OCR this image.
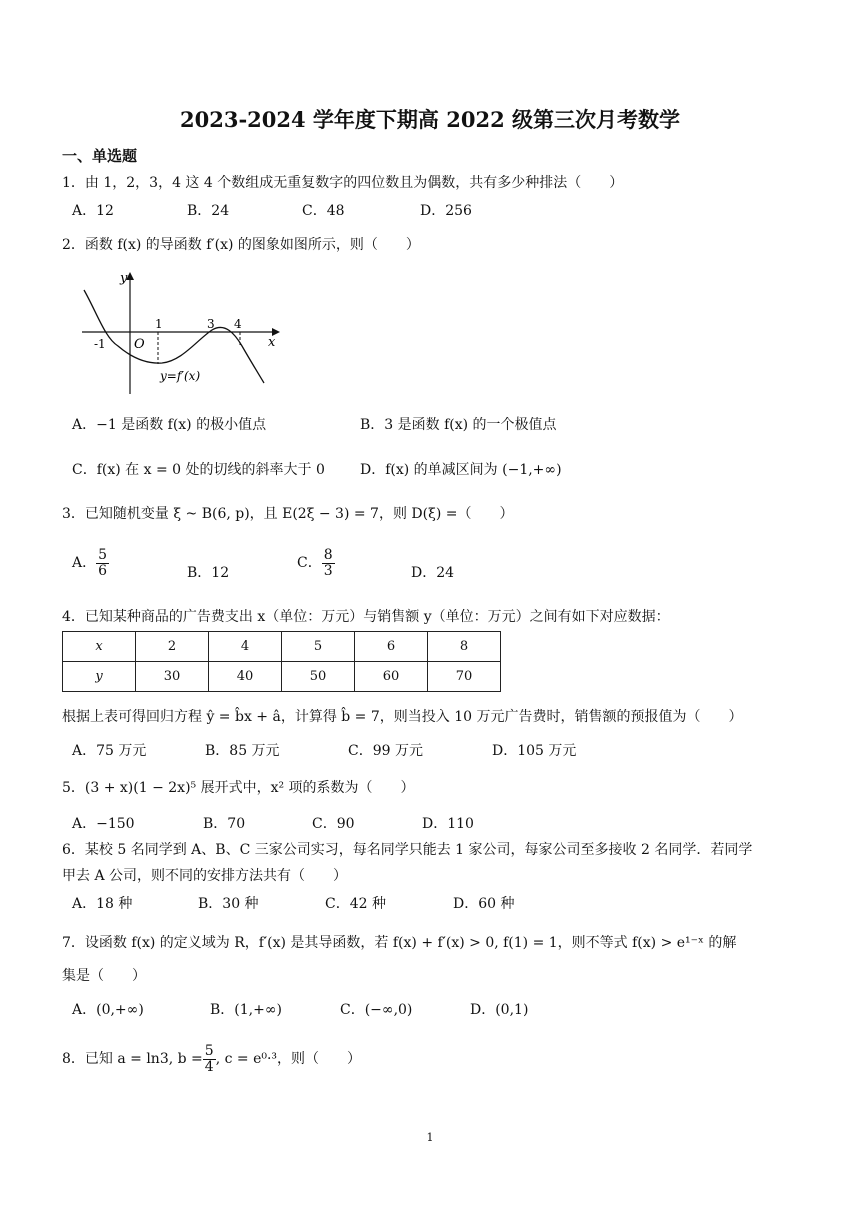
2023-2024 学年度下期高 2022 级第三次月考数学
一、单选题
1．由 1，2，3，4 这 4 个数组成无重复数字的四位数且为偶数，共有多少种排法（　　）
A．12	B．24	C．48	D．256
2．函数 f(x) 的导函数 f′(x) 的图象如图所示，则（　　）
y
x
O
-1
1	3 4
y=f′(x)
A．−1 是函数 f(x) 的极小值点	B．3 是函数 f(x) 的一个极值点
C．f(x) 在 x = 0 处的切线的斜率大于 0	D．f(x) 的单减区间为 (−1,+∞)
3．已知随机变量 ξ ~ B(6, p)，且 E(2ξ − 3) = 7，则 D(ξ) =（　　）
A． $\frac{5}{6}$	B．12
C． $\frac{8}{3}$	D．24
4．已知某种商品的广告费支出 x（单位：万元）与销售额 y（单位：万元）之间有如下对应数据：
x	2	4	5	6	8
y	30	40	50	60	70
根据上表可得回归方程 ŷ = b̂x + â，计算得 b̂ = 7，则当投入 10 万元广告费时，销售额的预报值为（　　）
A．75 万元	B．85 万元	C．99 万元	D．105 万元
5．(3 + x)(1 − 2x)⁵ 展开式中，x² 项的系数为（　　）
A．−150	B．70	C．90	D．110
6．某校 5 名同学到 A、B、C 三家公司实习，每名同学只能去 1 家公司，每家公司至多接收 2 名同学．若同学
甲去 A 公司，则不同的安排方法共有（　　）
A．18 种	B．30 种	C．42 种	D．60 种
7．设函数 f(x) 的定义域为 R，f′(x) 是其导函数，若 f(x) + f′(x) > 0, f(1) = 1，则不等式 f(x) > e¹⁻ˣ 的解
集是（　　）
A．(0,+∞)	B．(1,+∞)	C．(−∞,0)	D．(0,1)
8．已知 a = ln3, $b = \frac{5}{4}$ , c = e⁰·³，则（　　）
1
